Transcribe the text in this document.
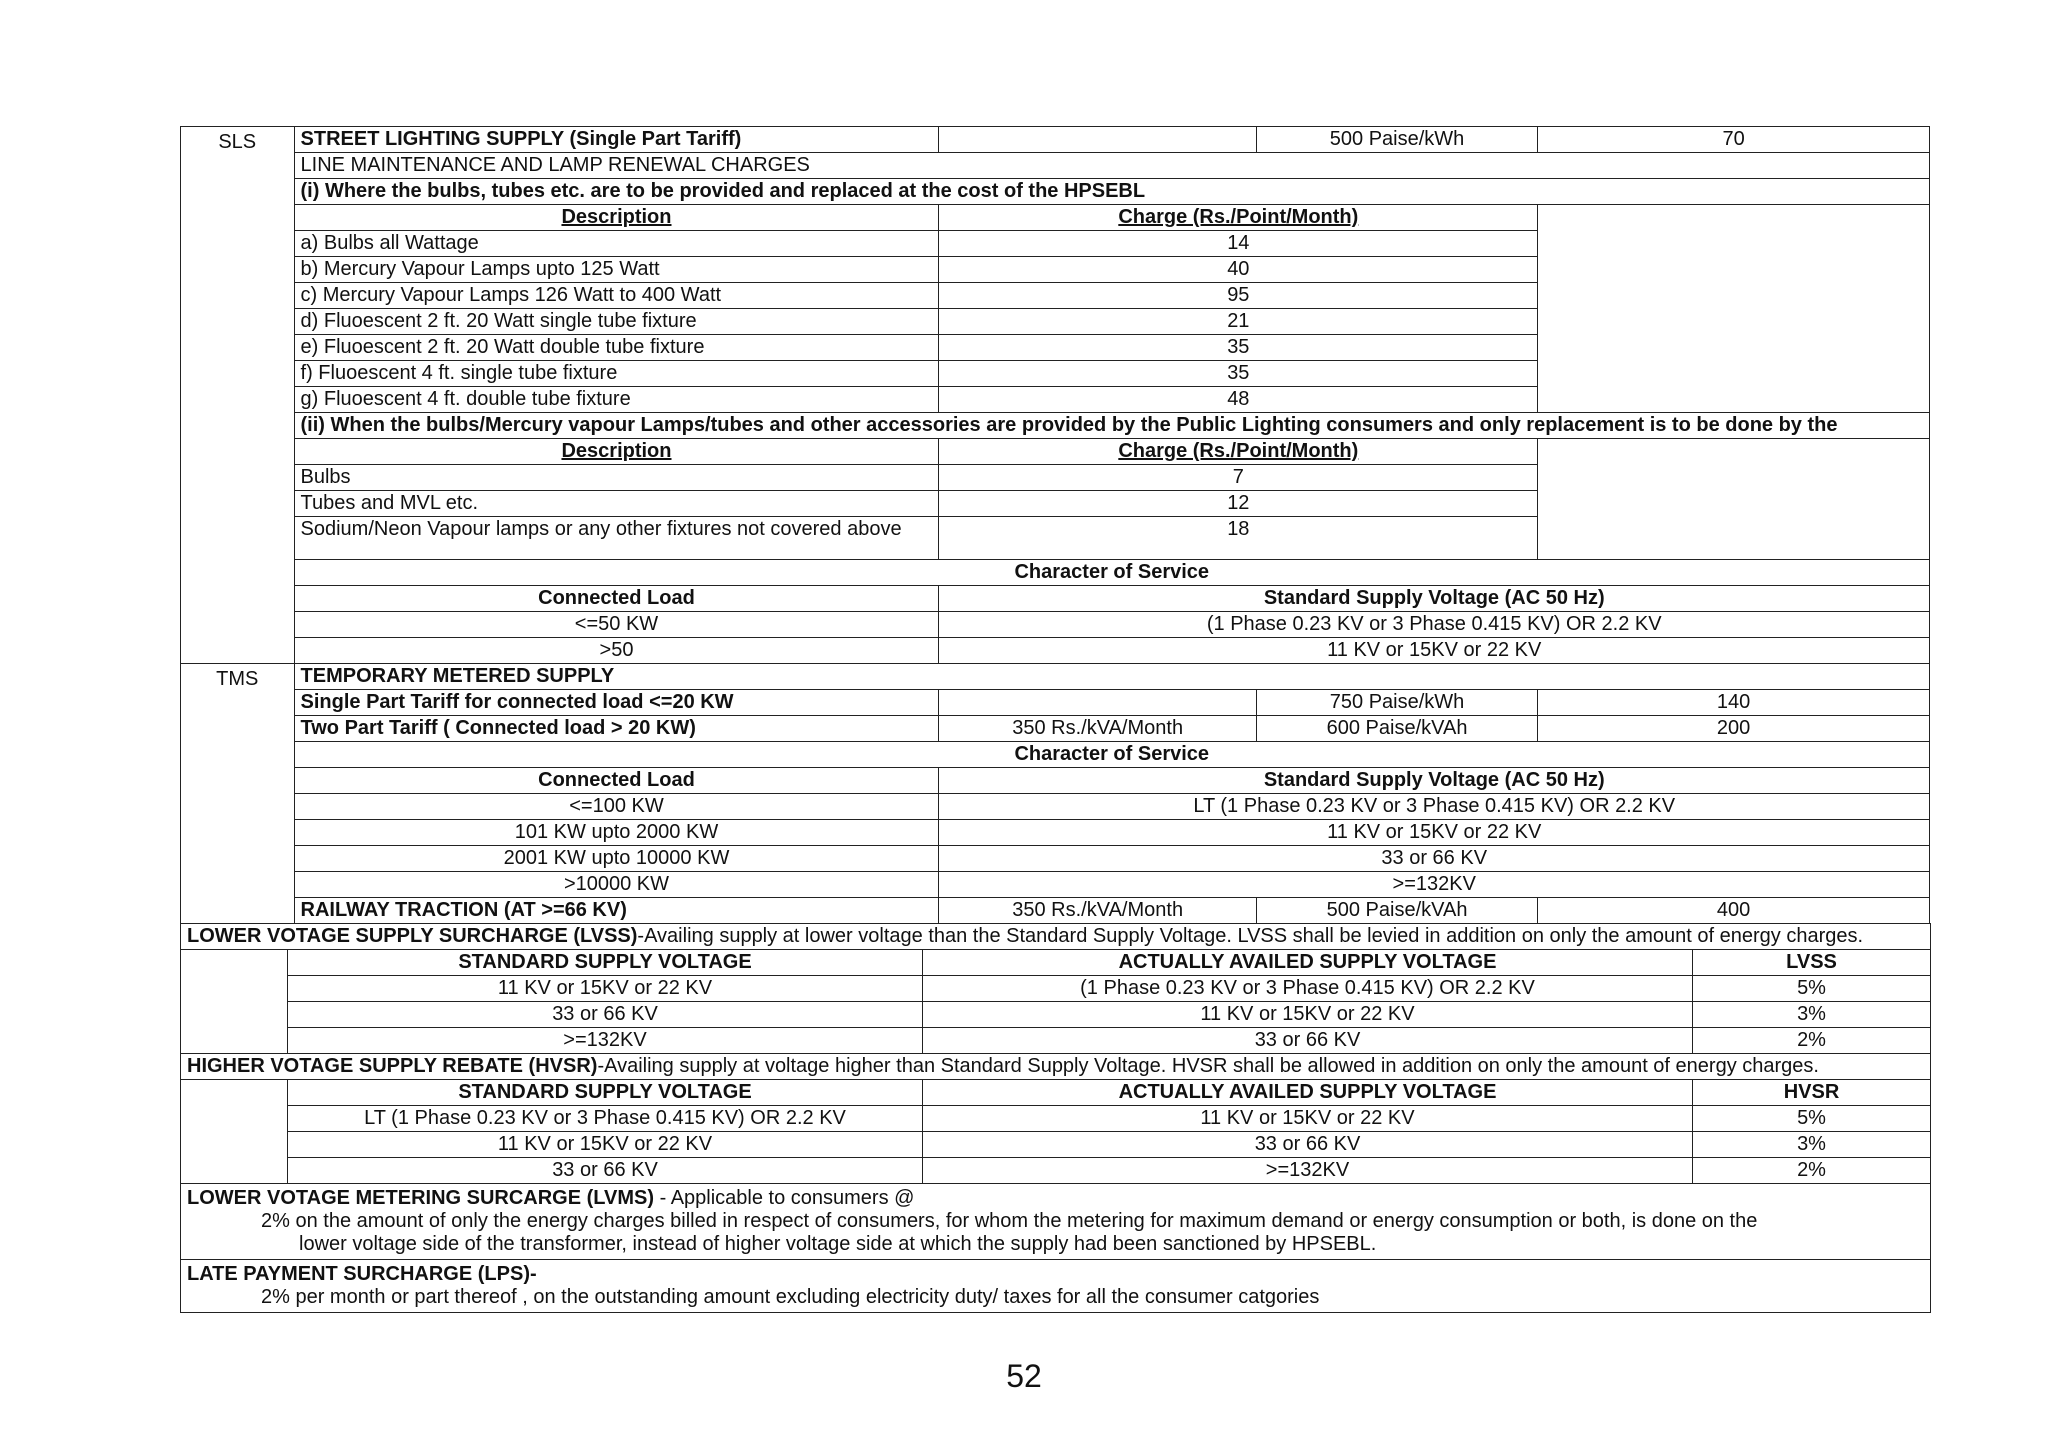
SLS	STREET LIGHTING SUPPLY (Single Part Tariff)		500 Paise/kWh	70
	LINE MAINTENANCE AND LAMP RENEWAL CHARGES			
	(i) Where the bulbs, tubes etc. are to be provided and replaced at the cost of the HPSEBL			
	Description	Charge (Rs./Point/Month)		
	a) Bulbs all Wattage	14		
	b) Mercury Vapour Lamps upto 125 Watt	40		
	c) Mercury Vapour Lamps 126 Watt to 400 Watt	95		
	d) Fluoescent 2 ft. 20 Watt single tube fixture	21		
	e) Fluoescent 2 ft. 20 Watt double tube fixture	35		
	f) Fluoescent 4 ft. single tube fixture	35		
	g) Fluoescent 4 ft. double tube fixture	48		
	(ii) When the bulbs/Mercury vapour Lamps/tubes and other accessories are provided by the Public Lighting consumers and only replacement is to be done by the			
	Description	Charge (Rs./Point/Month)		
	Bulbs	7		
	Tubes and MVL etc.	12		
	Sodium/Neon Vapour lamps or any other fixtures not covered above	18		
	Character of Service			
	Connected Load	Standard Supply Voltage (AC 50 Hz)		
	<=50 KW	(1 Phase 0.23 KV or 3 Phase 0.415 KV) OR 2.2 KV		
	>50	11 KV or 15KV or 22 KV		
TMS	TEMPORARY METERED SUPPLY			
	Single Part Tariff for connected load <=20 KW		750 Paise/kWh	140
	Two Part Tariff ( Connected load > 20 KW)	350 Rs./kVA/Month	600 Paise/kVAh	200
	Character of Service			
	Connected Load	Standard Supply Voltage (AC 50 Hz)		
	<=100 KW	LT (1 Phase 0.23 KV or 3 Phase 0.415 KV) OR 2.2 KV		
	101 KW upto 2000 KW	11 KV or 15KV or 22 KV		
	2001 KW upto 10000 KW	33 or 66 KV		
	>10000 KW	>=132KV		
	RAILWAY TRACTION (AT >=66 KV)	350 Rs./kVA/Month	500 Paise/kVAh	400
LOWER VOTAGE SUPPLY SURCHARGE (LVSS)-Availing supply at lower voltage than the Standard Supply Voltage. LVSS shall be levied in addition on only the amount of energy charges.			
	STANDARD SUPPLY VOLTAGE	ACTUALLY AVAILED SUPPLY VOLTAGE	LVSS
	11 KV or 15KV or 22 KV	(1 Phase 0.23 KV or 3 Phase 0.415 KV) OR 2.2 KV	5%
	33 or 66 KV	11 KV or 15KV or 22 KV	3%
	>=132KV	33 or 66 KV	2%
HIGHER VOTAGE SUPPLY REBATE (HVSR)-Availing supply at voltage higher than Standard Supply Voltage. HVSR shall be allowed in addition on only the amount of energy charges.			
	STANDARD SUPPLY VOLTAGE	ACTUALLY AVAILED SUPPLY VOLTAGE	HVSR
	LT (1 Phase 0.23 KV or 3 Phase 0.415 KV) OR 2.2 KV	11 KV or 15KV or 22 KV	5%
	11 KV or 15KV or 22 KV	33 or 66 KV	3%
	33 or 66 KV	>=132KV	2%
LOWER VOTAGE METERING SURCARGE (LVMS) - Applicable to consumers @
2% on the amount of only the energy charges billed in respect of consumers, for whom the metering for maximum demand or energy consumption or both, is done on the
lower voltage side of the transformer, instead of higher voltage side at which the supply had been sanctioned by HPSEBL.

LATE PAYMENT SURCHARGE (LPS)-
2% per month or part thereof , on the outstanding amount excluding electricity duty/ taxes for all the consumer catgories
52
